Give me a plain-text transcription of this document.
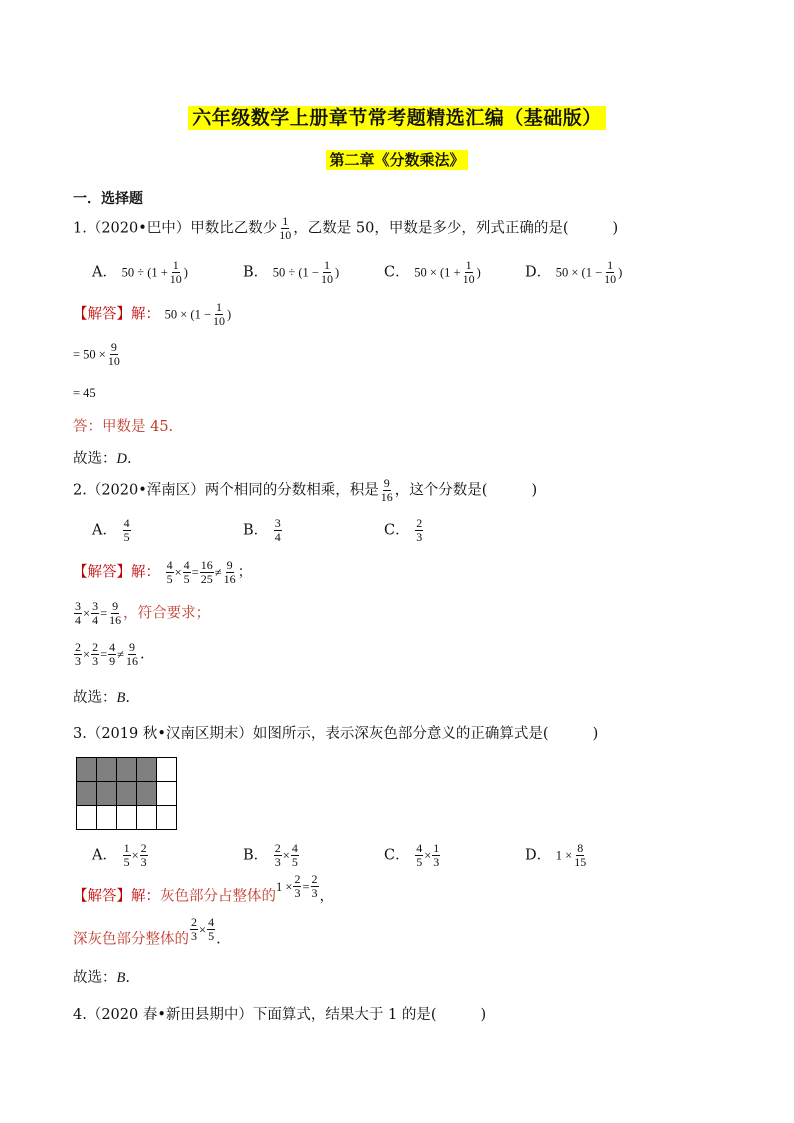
六年级数学上册章节常考题精选汇编（基础版）
第二章《分数乘法》
一．选择题
1.（2020•巴中）甲数比乙数少 $\frac{1}{10}$ ，乙数是 50，甲数是多少，列式正确的是(	)
A． $50 \div (1 + \frac{1}{10}$ )	B． $50 \div (1 - \frac{1}{10}$ )	C． $50 \times (1 + \frac{1}{10}$ )	D． $50 \times (1 - \frac{1}{10}$ )
【解答】解： $50 \times (1 - \frac{1}{10}$ )
= $50 \times \frac{9}{10}$
= 45
答：甲数是 45.
故选：D.
2.（2020•浑南区）两个相同的分数相乘，积是 $\frac{9}{16}$ ，这个分数是(	)
A． $\frac{4}{5}$	B． $\frac{3}{4}$	C． $\frac{2}{3}$
【解答】解： $\frac{4}{5} \times \frac{4}{5} = \frac{16}{25} \ne \frac{9}{16}$ ；
$\frac{3}{4} \times \frac{3}{4} = \frac{9}{16}$ ，符合要求；
$\frac{2}{3} \times \frac{2}{3} = \frac{4}{9} \ne \frac{9}{16}$ .
故选：B.
3.（2019 秋•汉南区期末）如图所示，表示深灰色部分意义的正确算式是(	)
A． $\frac{1}{5} \times \frac{2}{3}$	B． $\frac{2}{3} \times \frac{4}{5}$	C． $\frac{4}{5} \times \frac{1}{3}$	D． $1 \times \frac{8}{15}$
【解答】解：灰色部分占整体的$1 \times \frac{2}{3} = \frac{2}{3}$ ，
深灰色部分整体的 $\frac{2}{3} \times \frac{4}{5}$ .
故选：B.
4.（2020 春•新田县期中）下面算式，结果大于 1 的是(	)
